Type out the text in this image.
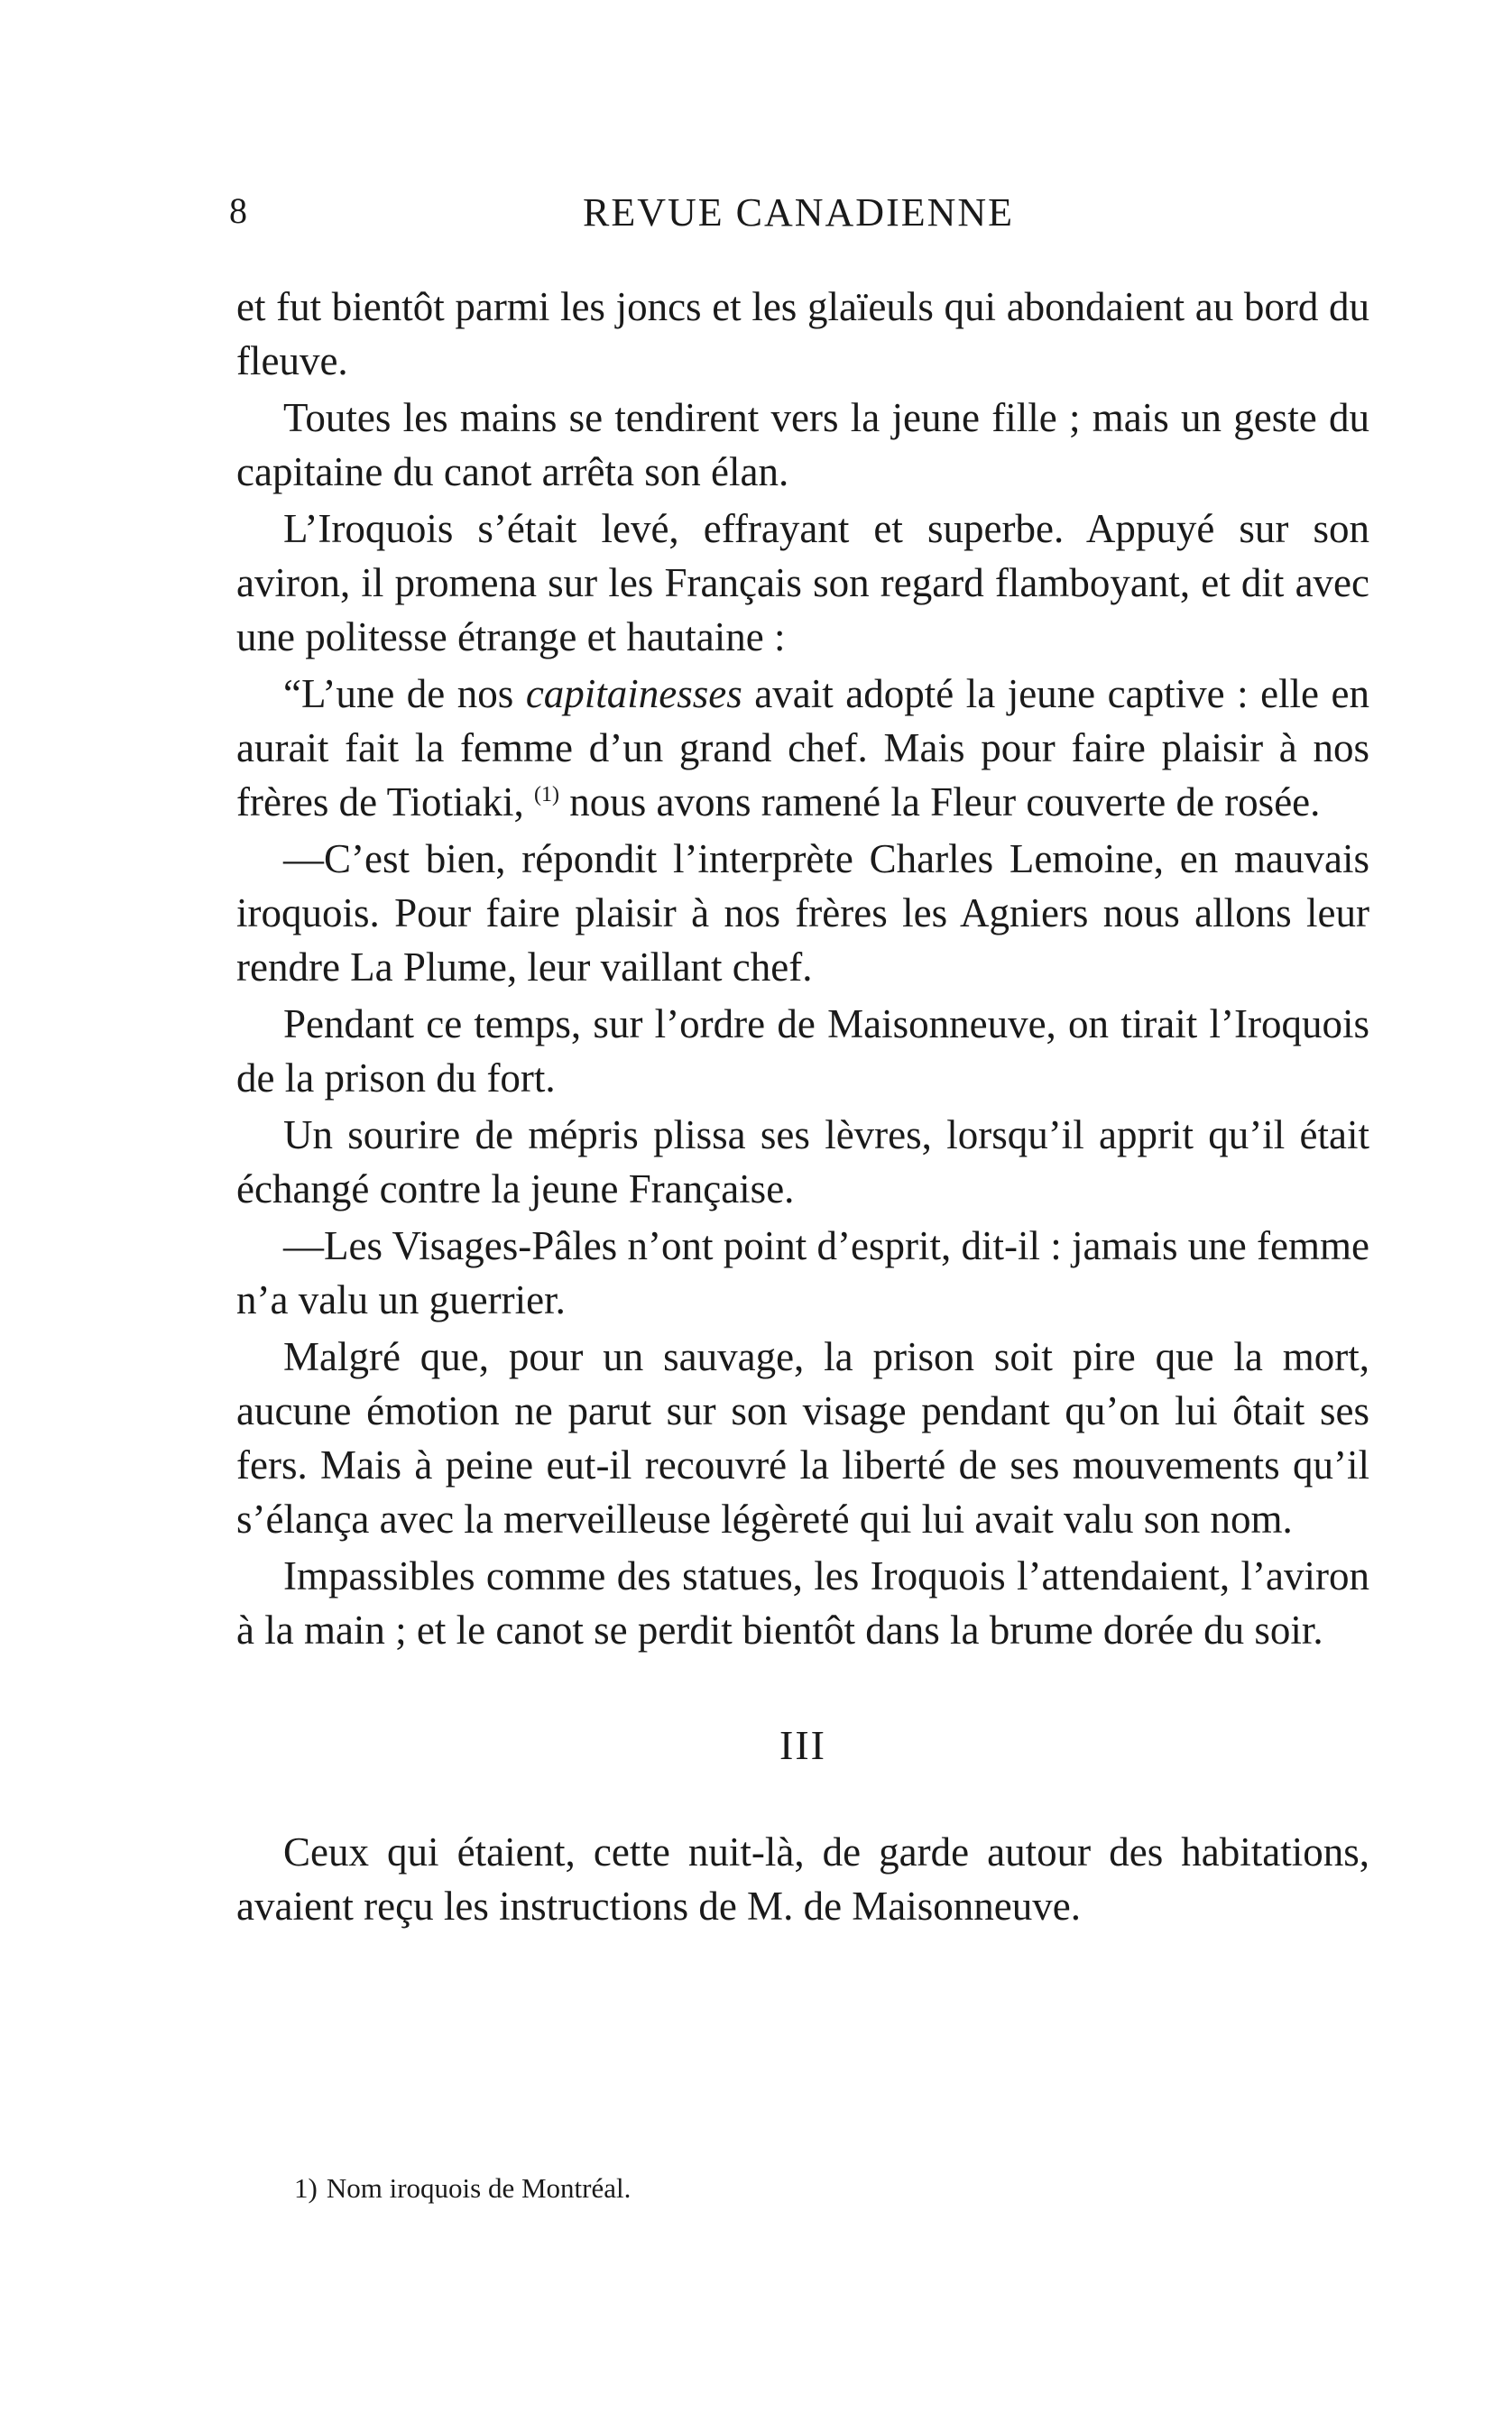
8	REVUE CANADIENNE

et fut bientôt parmi les joncs et les glaïeuls qui abondaient au bord du fleuve.

Toutes les mains se tendirent vers la jeune fille ; mais un geste du capitaine du canot arrêta son élan.

L’Iroquois s’était levé, effrayant et superbe. Appuyé sur son aviron, il promena sur les Français son regard flamboyant, et dit avec une politesse étrange et hautaine :

“L’une de nos capitainesses avait adopté la jeune captive : elle en aurait fait la femme d’un grand chef. Mais pour faire plaisir à nos frères de Tiotiaki, $^{(1)}$ nous avons ramené la Fleur couverte de rosée.

—C’est bien, répondit l’interprète Charles Lemoine, en mauvais iroquois. Pour faire plaisir à nos frères les Agniers nous allons leur rendre La Plume, leur vaillant chef.

Pendant ce temps, sur l’ordre de Maisonneuve, on tirait l’Iroquois de la prison du fort.

Un sourire de mépris plissa ses lèvres, lorsqu’il apprit qu’il était échangé contre la jeune Française.

—Les Visages-Pâles n’ont point d’esprit, dit-il : jamais une femme n’a valu un guerrier.

Malgré que, pour un sauvage, la prison soit pire que la mort, aucune émotion ne parut sur son visage pendant qu’on lui ôtait ses fers. Mais à peine eut-il recouvré la liberté de ses mouvements qu’il s’élança avec la merveilleuse légèreté qui lui avait valu son nom.

Impassibles comme des statues, les Iroquois l’attendaient, l’aviron à la main ; et le canot se perdit bientôt dans la brume dorée du soir.

III

Ceux qui étaient, cette nuit-là, de garde autour des habitations, avaient reçu les instructions de M. de Maisonneuve.

1) Nom iroquois de Montréal.
